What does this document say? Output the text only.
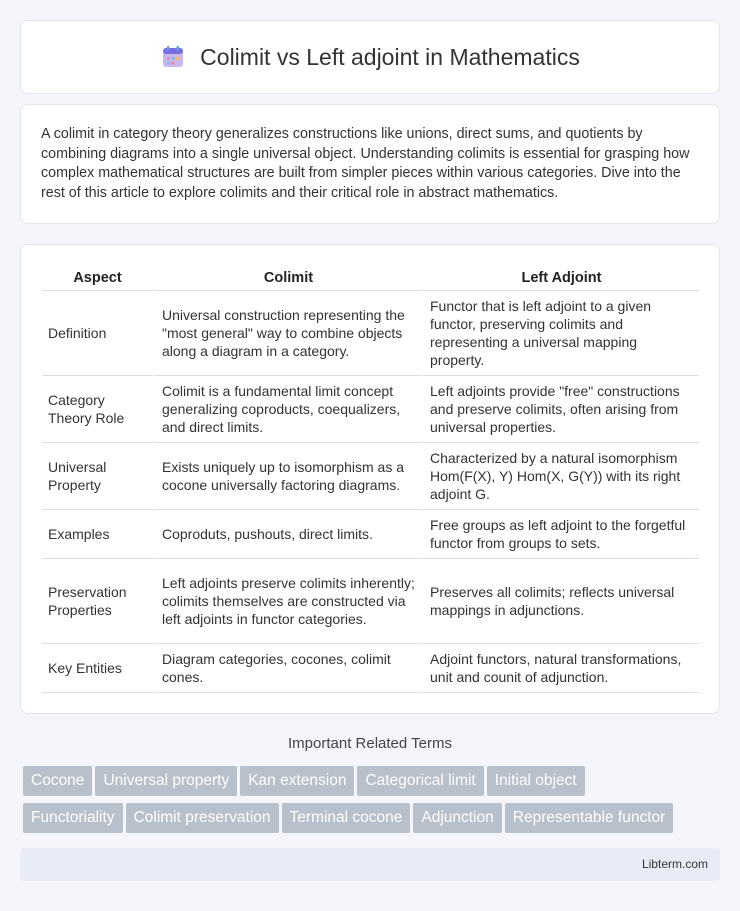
Colimit vs Left adjoint in Mathematics

A colimit in category theory generalizes constructions like unions, direct sums, and quotients by combining diagrams into a single universal object. Understanding colimits is essential for grasping how complex mathematical structures are built from simpler pieces within various categories. Dive into the rest of this article to explore colimits and their critical role in abstract mathematics.

Aspect	Colimit	Left Adjoint
Definition	Universal construction representing the "most general" way to combine objects along a diagram in a category.	Functor that is left adjoint to a given functor, preserving colimits and representing a universal mapping property.
Category Theory Role	Colimit is a fundamental limit concept generalizing coproducts, coequalizers, and direct limits.	Left adjoints provide "free" constructions and preserve colimits, often arising from universal properties.
Universal Property	Exists uniquely up to isomorphism as a cocone universally factoring diagrams.	Characterized by a natural isomorphism Hom(F(X), Y) Hom(X, G(Y)) with its right adjoint G.
Examples	Coproduts, pushouts, direct limits.	Free groups as left adjoint to the forgetful functor from groups to sets.
Preservation Properties	Left adjoints preserve colimits inherently; colimits themselves are constructed via left adjoints in functor categories.	Preserves all colimits; reflects universal mappings in adjunctions.
Key Entities	Diagram categories, cocones, colimit cones.	Adjoint functors, natural transformations, unit and counit of adjunction.
Important Related Terms
Cocone Universal property Kan extension Categorical limit Initial object
Functoriality Colimit preservation Terminal cocone Adjunction Representable functor
Libterm.com
